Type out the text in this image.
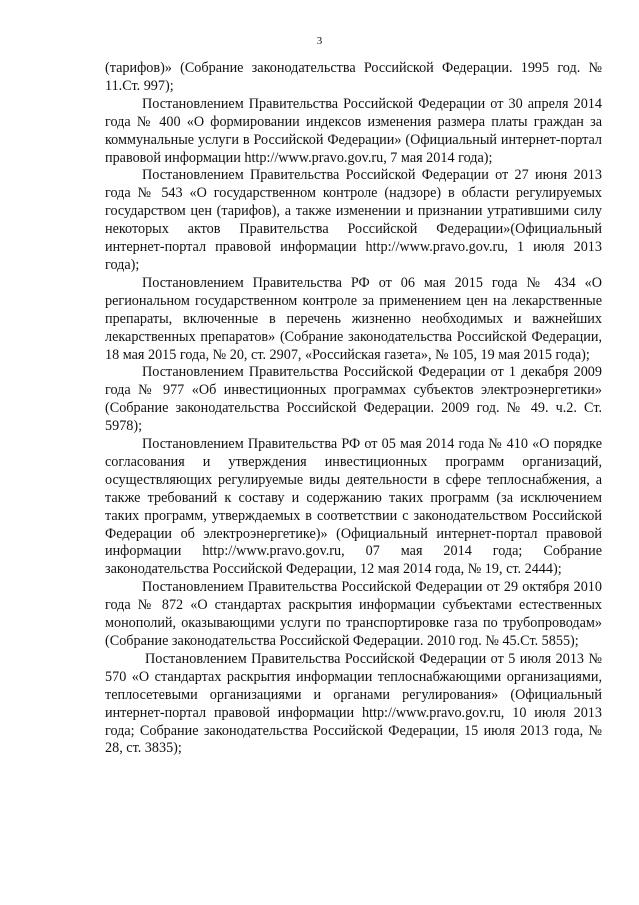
3

(тарифов)» (Собрание законодательства Российской Федерации. 1995 год. № 11.Ст. 997);

Постановлением Правительства Российской Федерации от 30 апреля 2014 года № 400 «О формировании индексов изменения размера платы граждан за коммунальные услуги в Российской Федерации» (Официальный интернет-портал правовой информации http://www.pravo.gov.ru, 7 мая 2014 года);

Постановлением Правительства Российской Федерации от 27 июня 2013 года № 543 «О государственном контроле (надзоре) в области регулируемых государством цен (тарифов), а также изменении и признании утратившими силу некоторых актов Правительства Российской Федерации»(Официальный интернет-портал правовой информации http://www.pravo.gov.ru, 1 июля 2013 года);

Постановлением Правительства РФ от 06 мая 2015 года № 434 «О региональном государственном контроле за применением цен на лекарственные препараты, включенные в перечень жизненно необходимых и важнейших лекарственных препаратов» (Собрание законодательства Российской Федерации, 18 мая 2015 года, № 20, ст. 2907, «Российская газета», № 105, 19 мая 2015 года);

Постановлением Правительства Российской Федерации от 1 декабря 2009 года № 977 «Об инвестиционных программах субъектов электроэнергетики» (Собрание законодательства Российской Федерации. 2009 год. № 49. ч.2. Ст. 5978);

Постановлением Правительства РФ от 05 мая 2014 года № 410 «О порядке согласования и утверждения инвестиционных программ организаций, осуществляющих регулируемые виды деятельности в сфере теплоснабжения, а также требований к составу и содержанию таких программ (за исключением таких программ, утверждаемых в соответствии с законодательством Российской Федерации об электроэнергетике)» (Официальный интернет-портал правовой информации http://www.pravo.gov.ru, 07 мая 2014 года; Собрание законодательства Российской Федерации, 12 мая 2014 года, № 19, ст. 2444);

Постановлением Правительства Российской Федерации от 29 октября 2010 года № 872 «О стандартах раскрытия информации субъектами естественных монополий, оказывающими услуги по транспортировке газа по трубопроводам» (Собрание законодательства Российской Федерации. 2010 год. № 45.Ст. 5855);

Постановлением Правительства Российской Федерации от 5 июля 2013 № 570 «О стандартах раскрытия информации теплоснабжающими организациями, теплосетевыми организациями и органами регулирования» (Официальный интернет-портал правовой информации http://www.pravo.gov.ru, 10 июля 2013 года; Собрание законодательства Российской Федерации, 15 июля 2013 года, № 28, ст. 3835);
